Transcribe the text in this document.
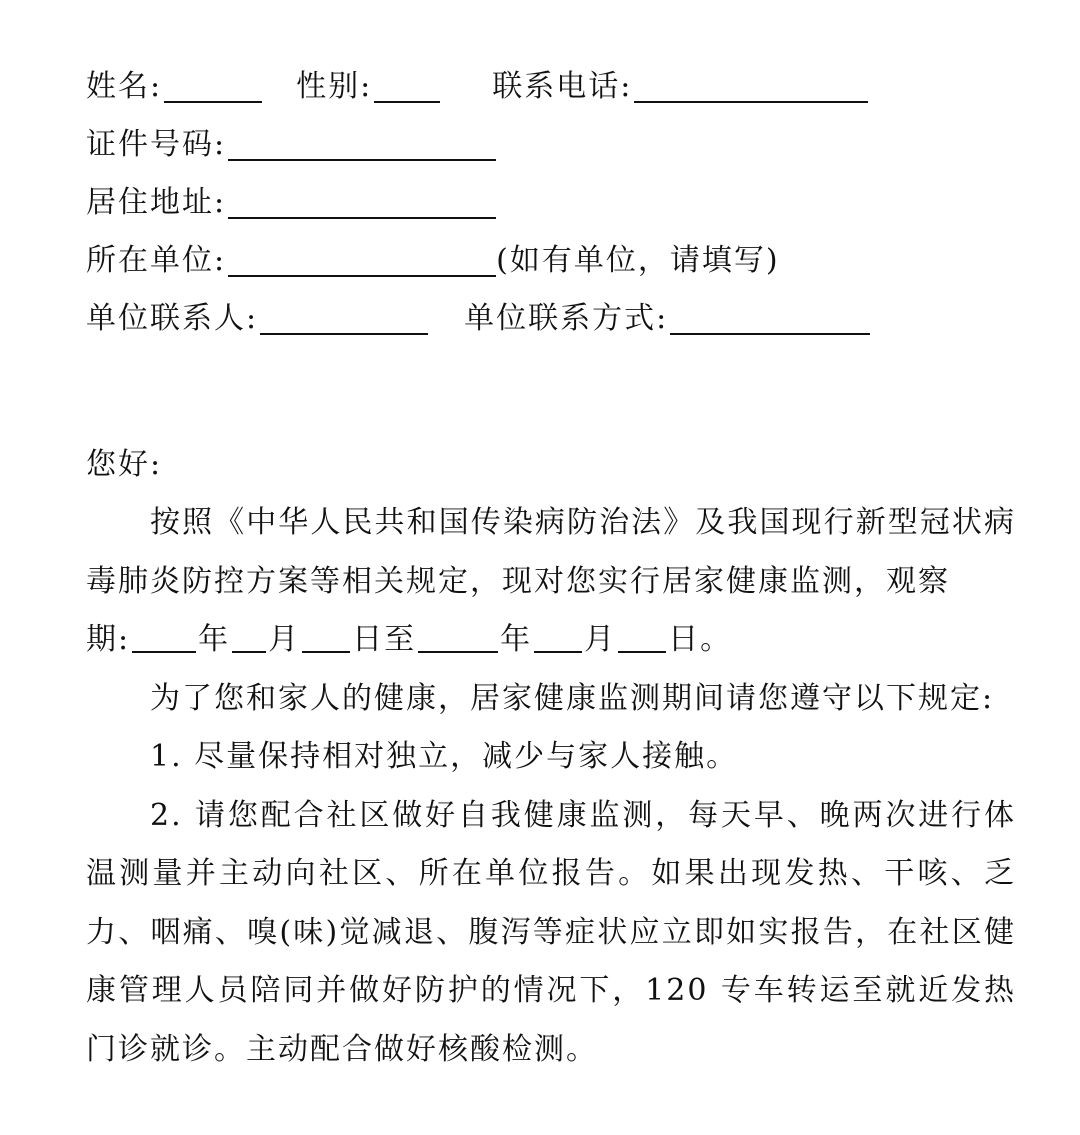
姓名:	性别:	联系电话:
证件号码:
居住地址:
所在单位:	(如有单位，请填写)
单位联系人:	单位联系方式:
您好:

按照《中华人民共和国传染病防治法》及我国现行新型冠状病毒肺炎防控方案等相关规定，现对您实行居家健康监测，观察

期: 年 月 日至	年 月 日。

为了您和家人的健康，居家健康监测期间请您遵守以下规定:

1. 尽量保持相对独立，减少与家人接触。

2. 请您配合社区做好自我健康监测，每天早、晚两次进行体温测量并主动向社区、所在单位报告。如果出现发热、干咳、乏力、咽痛、嗅(味)觉减退、腹泻等症状应立即如实报告，在社区健康管理人员陪同并做好防护的情况下，120 专车转运至就近发热门诊就诊。主动配合做好核酸检测。
